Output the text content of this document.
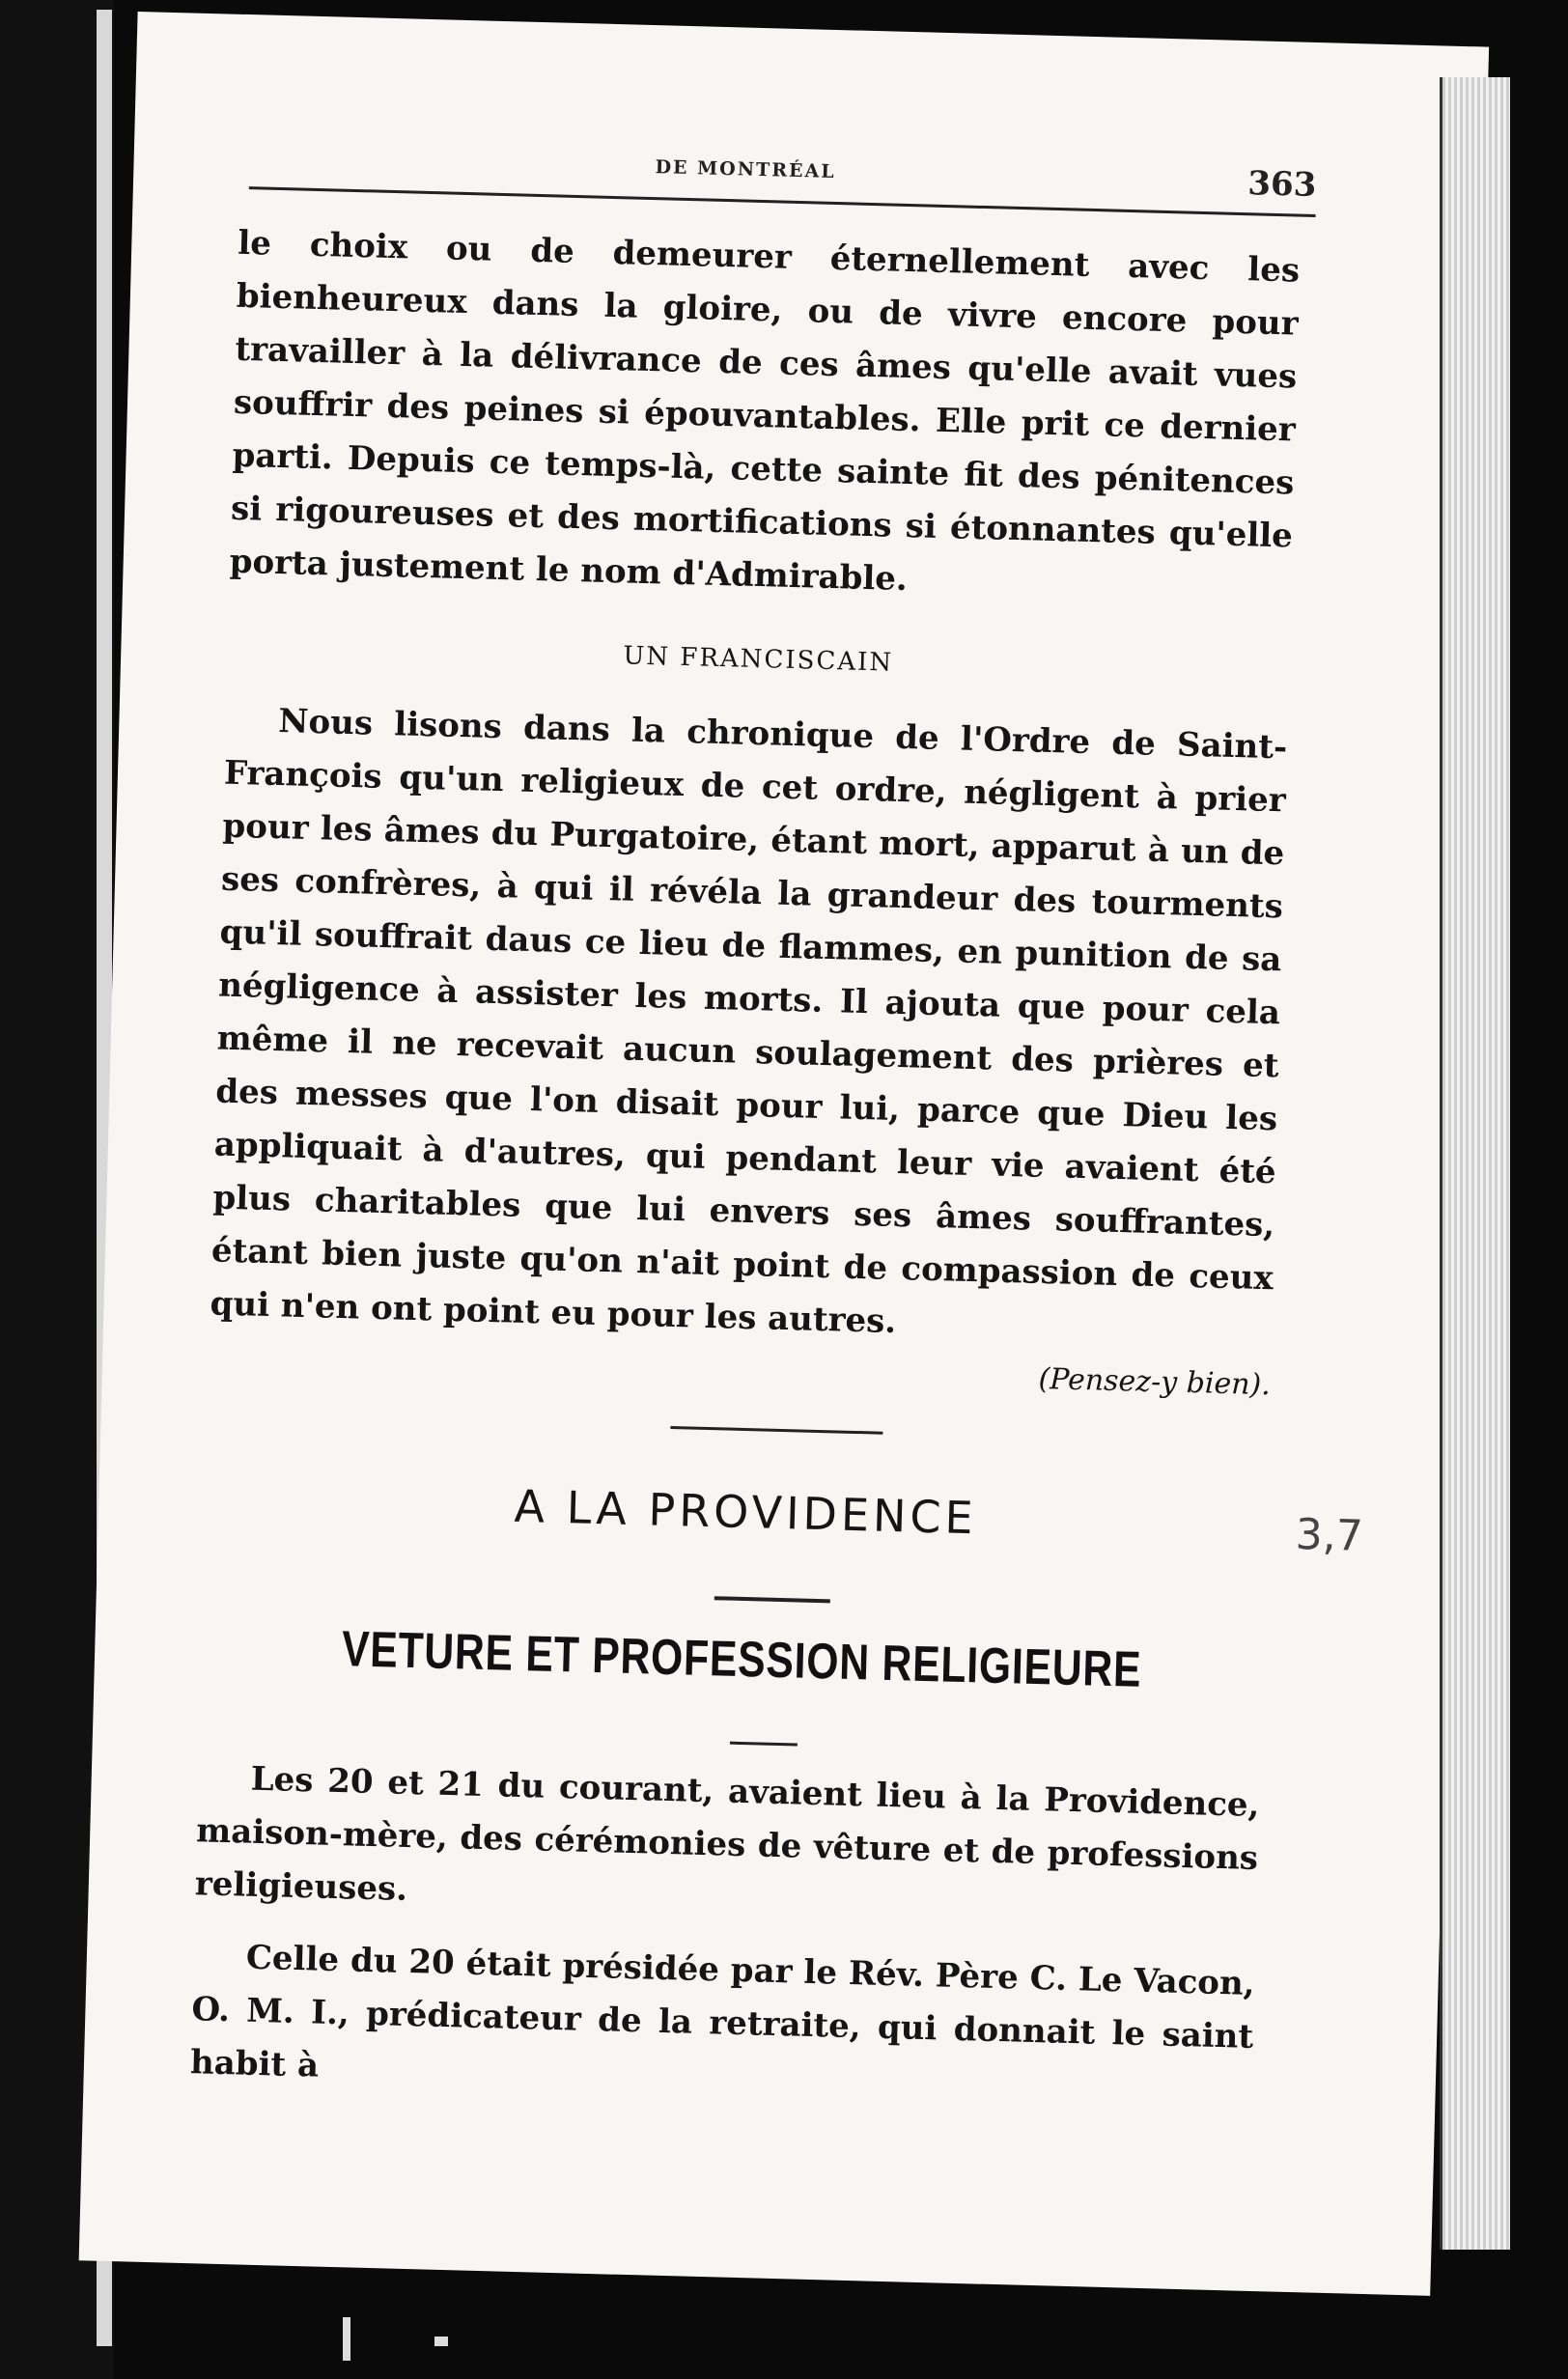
DE MONTRÉAL	363

le choix ou de demeurer éternellement avec les bienheureux dans la gloire, ou de vivre encore pour travailler à la délivrance de ces âmes qu'elle avait vues souffrir des peines si épouvantables. Elle prit ce dernier parti. Depuis ce temps-là, cette sainte fit des pénitences si rigoureuses et des mortifications si étonnantes qu'elle porta justement le nom d'Admirable.

UN FRANCISCAIN

Nous lisons dans la chronique de l'Ordre de Saint-François qu'un religieux de cet ordre, négligent à prier pour les âmes du Purgatoire, étant mort, apparut à un de ses confrères, à qui il révéla la grandeur des tourments qu'il souffrait daus ce lieu de flammes, en punition de sa négligence à assister les morts. Il ajouta que pour cela même il ne recevait aucun soulagement des prières et des messes que l'on disait pour lui, parce que Dieu les appliquait à d'autres, qui pendant leur vie avaient été plus charitables que lui envers ses âmes souffrantes, étant bien juste qu'on n'ait point de compassion de ceux qui n'en ont point eu pour les autres.

(Pensez-y bien).
A LA PROVIDENCE
VETURE ET PROFESSION RELIGIEURE

Les 20 et 21 du courant, avaient lieu à la Providence, maison-mère, des cérémonies de vêture et de professions religieuses.

Celle du 20 était présidée par le Rév. Père C. Le Vacon, O. M. I., prédicateur de la retraite, qui donnait le saint habit à

3,7
